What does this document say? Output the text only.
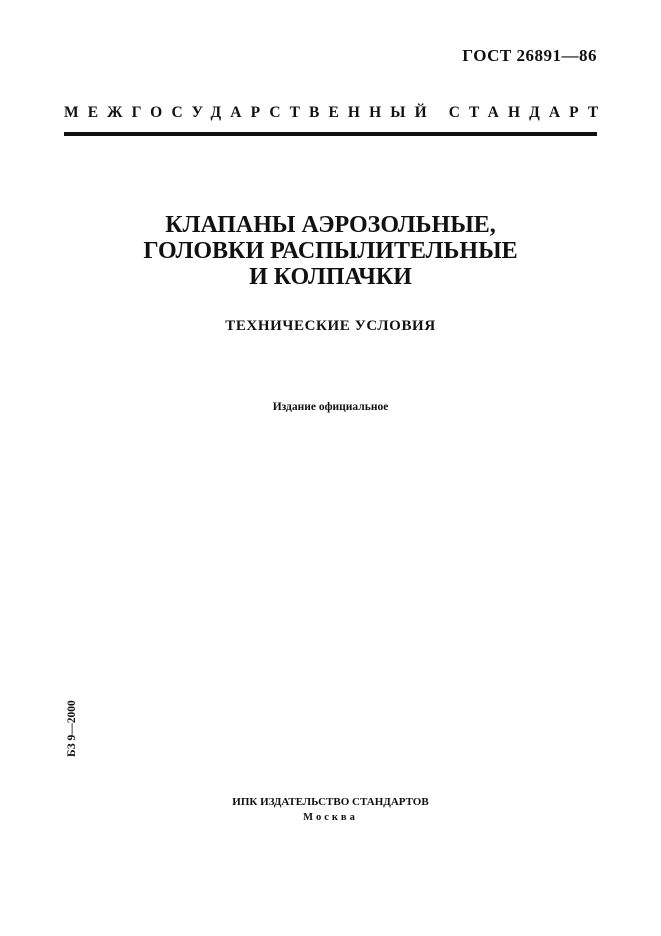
ГОСТ 26891—86
МЕЖГОСУДАРСТВЕННЫЙ СТАНДАРТ
КЛАПАНЫ АЭРОЗОЛЬНЫЕ,
ГОЛОВКИ РАСПЫЛИТЕЛЬНЫЕ
И КОЛПАЧКИ
ТЕХНИЧЕСКИЕ УСЛОВИЯ
Издание официальное
БЗ 9—2000
ИПК ИЗДАТЕЛЬСТВО СТАНДАРТОВ
Москва
